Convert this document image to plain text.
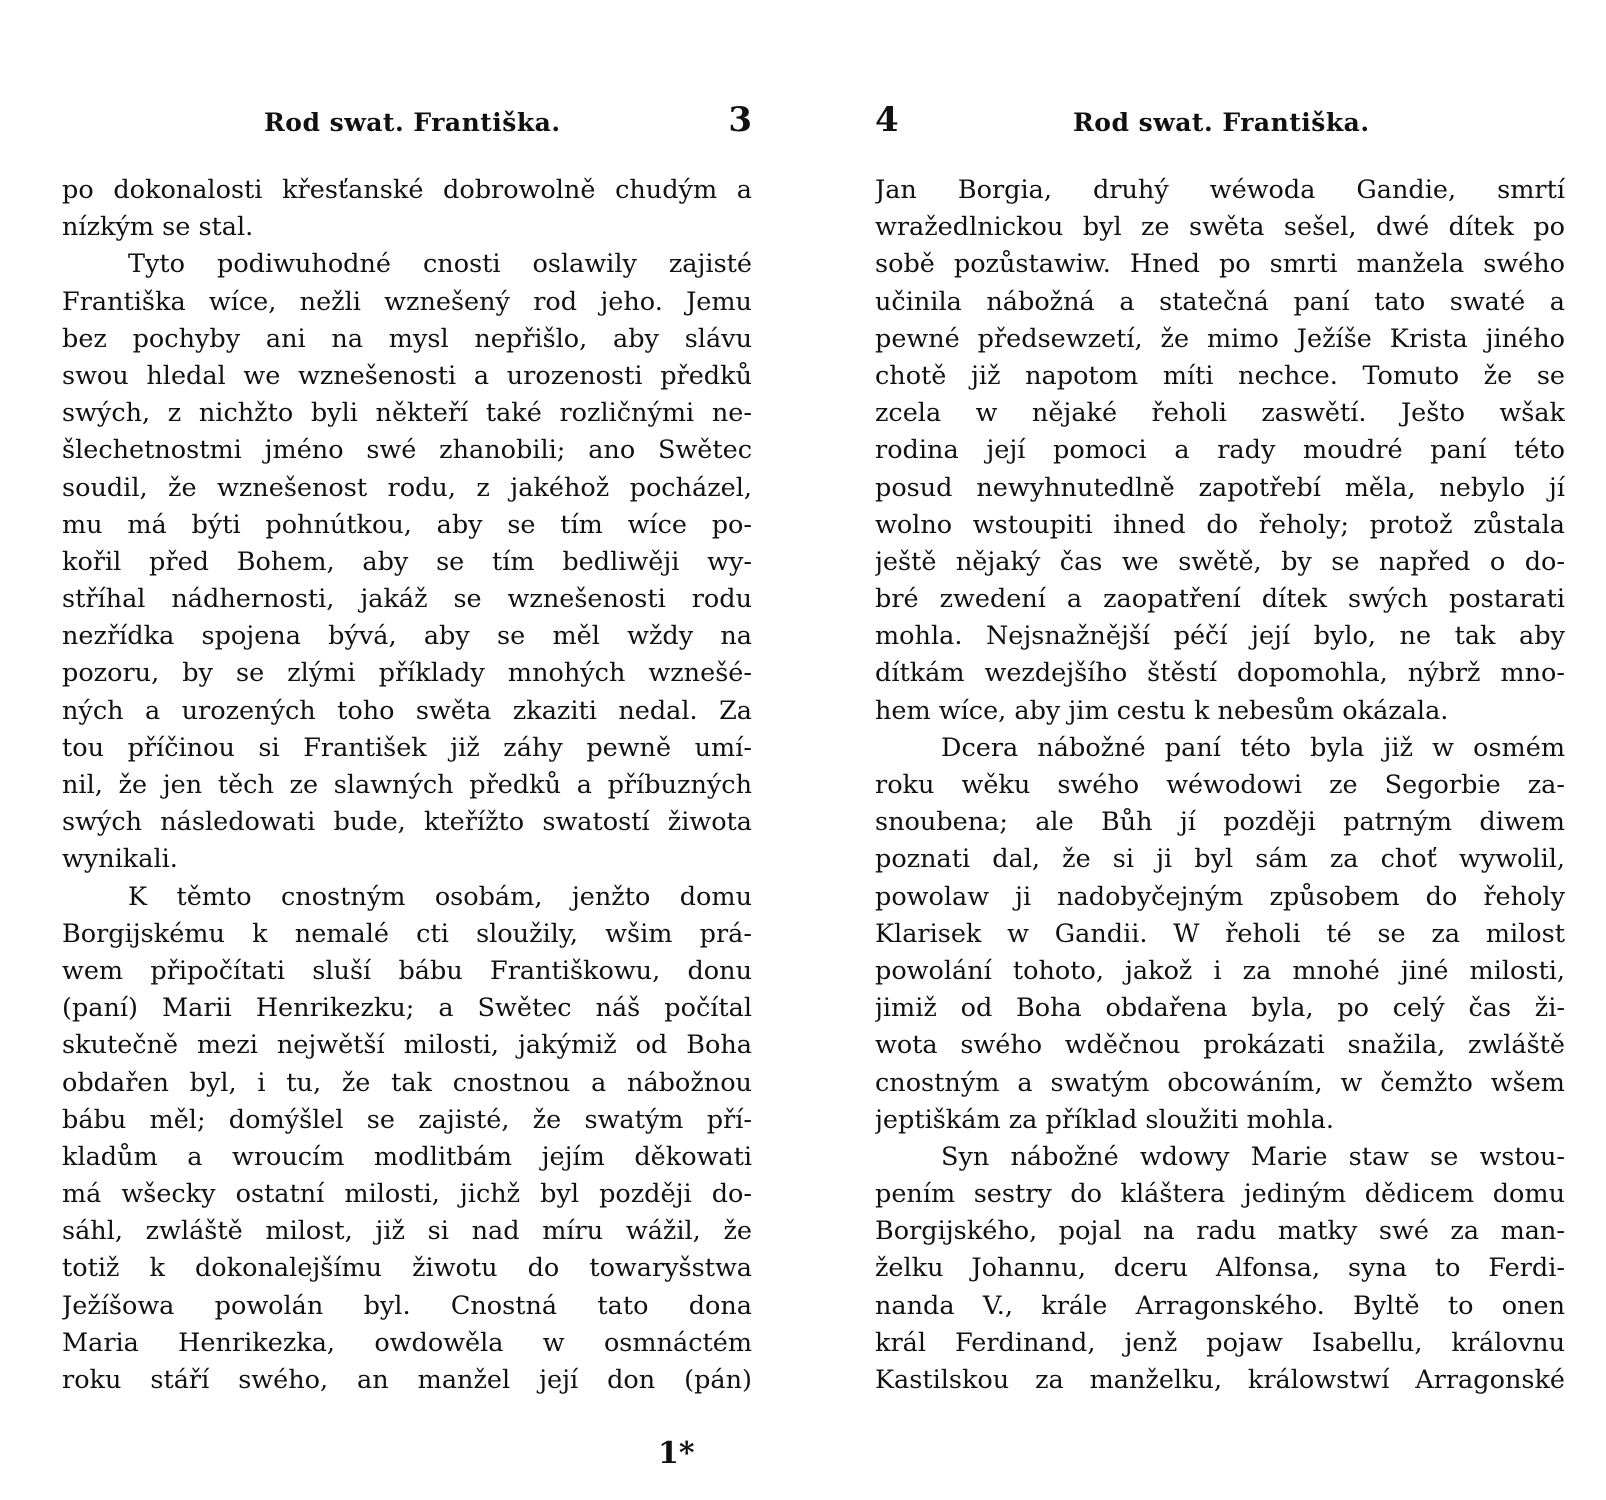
Rod swat. Františka.	3
po dokonalosti křesťanské dobrowolně chudým a
nízkým se stal.
Tyto podiwuhodné cnosti oslawily zajisté
Františka wíce, nežli wznešený rod jeho. Jemu
bez pochyby ani na mysl nepřišlo, aby slávu
swou hledal we wznešenosti a urozenosti předků
swých, z nichžto byli někteří také rozličnými ne-
šlechetnostmi jméno swé zhanobili; ano Swětec
soudil, že wznešenost rodu, z jakéhož pocházel,
mu má býti pohnútkou, aby se tím wíce po-
kořil před Bohem, aby se tím bedliwěji wy-
stříhal nádhernosti, jakáž se wznešenosti rodu
nezřídka spojena bývá, aby se měl wždy na
pozoru, by se zlými příklady mnohých wznešé-
ných a urozených toho swěta zkaziti nedal. Za
tou příčinou si František již záhy pewně umí-
nil, že jen těch ze slawných předků a příbuzných
swých následowati bude, kteřížto swatostí žiwota
wynikali.
K těmto cnostným osobám, jenžto domu
Borgijskému k nemalé cti sloužily, wšim prá-
wem připočítati sluší bábu Františkowu, donu
(paní) Marii Henrikezku; a Swětec náš počítal
skutečně mezi nejwětší milosti, jakýmiž od Boha
obdařen byl, i tu, že tak cnostnou a nábožnou
bábu měl; domýšlel se zajisté, že swatým pří-
kladům a wroucím modlitbám jejím děkowati
má wšecky ostatní milosti, jichž byl později do-
sáhl, zwláště milost, již si nad míru wážil, že
totiž k dokonalejšímu žiwotu do towaryšstwa
Ježíšowa powolán byl. Cnostná tato dona
Maria Henrikezka, owdowěla w osmnáctém
roku stáří swého, an manžel její don (pán)
1*
4	Rod swat. Františka.
Jan Borgia, druhý wéwoda Gandie, smrtí
wražedlnickou byl ze swěta sešel, dwé dítek po
sobě pozůstawiw. Hned po smrti manžela swého
učinila nábožná a statečná paní tato swaté a
pewné předsewzetí, že mimo Ježíše Krista jiného
chotě již napotom míti nechce. Tomuto že se
zcela w nějaké řeholi zaswětí. Ješto wšak
rodina její pomoci a rady moudré paní této
posud newyhnutedlně zapotřebí měla, nebylo jí
wolno wstoupiti ihned do řeholy; protož zůstala
ještě nějaký čas we swětě, by se napřed o do-
bré zwedení a zaopatření dítek swých postarati
mohla. Nejsnažnější péčí její bylo, ne tak aby
dítkám wezdejšího štěstí dopomohla, nýbrž mno-
hem wíce, aby jim cestu k nebesům okázala.
Dcera nábožné paní této byla již w osmém
roku wěku swého wéwodowi ze Segorbie za-
snoubena; ale Bůh jí později patrným diwem
poznati dal, že si ji byl sám za choť wywolil,
powolaw ji nadobyčejným způsobem do řeholy
Klarisek w Gandii. W řeholi té se za milost
powolání tohoto, jakož i za mnohé jiné milosti,
jimiž od Boha obdařena byla, po celý čas ži-
wota swého wděčnou prokázati snažila, zwláště
cnostným a swatým obcowáním, w čemžto wšem
jeptiškám za příklad sloužiti mohla.
Syn nábožné wdowy Marie staw se wstou-
pením sestry do kláštera jediným dědicem domu
Borgijského, pojal na radu matky swé za man-
želku Johannu, dceru Alfonsa, syna to Ferdi-
nanda V., krále Arragonského. Byltě to onen
král Ferdinand, jenž pojaw Isabellu, královnu
Kastilskou za manželku, králowstwí Arragonské
